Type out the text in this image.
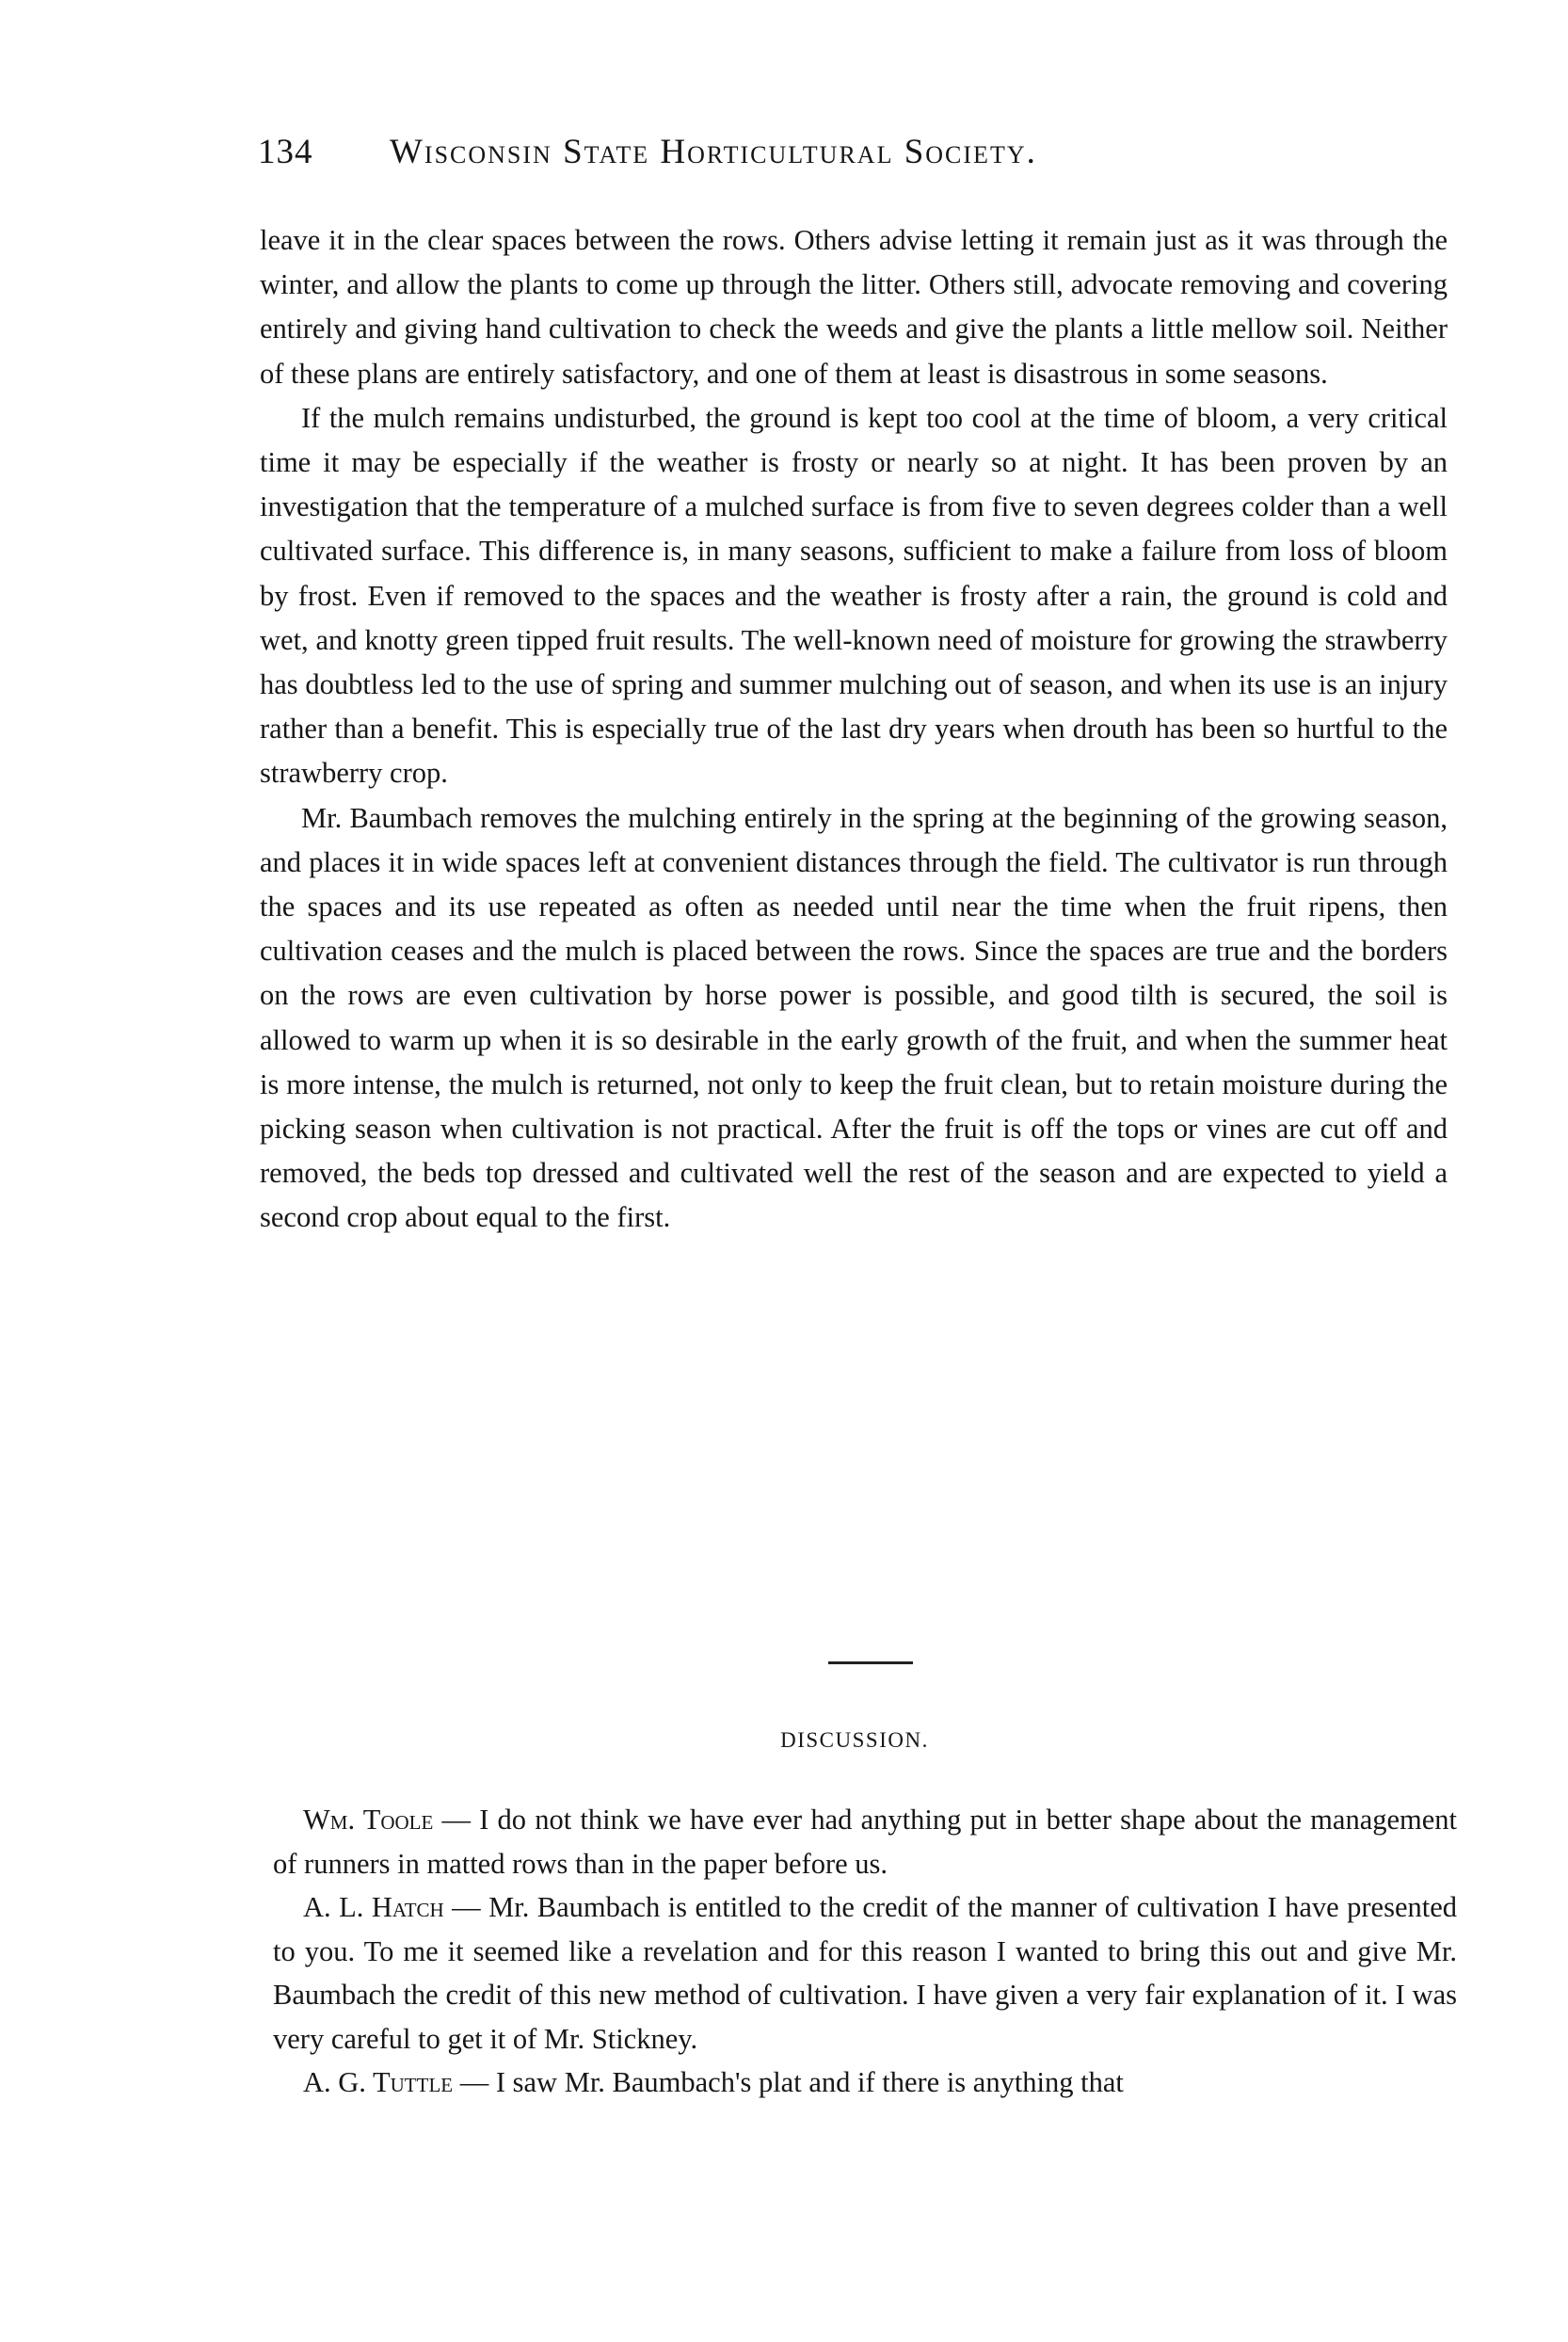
134	Wisconsin State Horticultural Society.

leave it in the clear spaces between the rows. Others advise letting it remain just as it was through the winter, and allow the plants to come up through the litter. Others still, advocate removing and covering entirely and giving hand cultivation to check the weeds and give the plants a little mellow soil. Neither of these plans are entirely satisfactory, and one of them at least is disastrous in some seasons.

If the mulch remains undisturbed, the ground is kept too cool at the time of bloom, a very critical time it may be especially if the weather is frosty or nearly so at night. It has been proven by an investigation that the temperature of a mulched surface is from five to seven degrees colder than a well cultivated surface. This difference is, in many seasons, sufficient to make a failure from loss of bloom by frost. Even if removed to the spaces and the weather is frosty after a rain, the ground is cold and wet, and knotty green tipped fruit results. The well-known need of moisture for growing the strawberry has doubtless led to the use of spring and summer mulching out of season, and when its use is an injury rather than a benefit. This is especially true of the last dry years when drouth has been so hurtful to the strawberry crop.

Mr. Baumbach removes the mulching entirely in the spring at the beginning of the growing season, and places it in wide spaces left at convenient distances through the field. The cultivator is run through the spaces and its use repeated as often as needed until near the time when the fruit ripens, then cultivation ceases and the mulch is placed between the rows. Since the spaces are true and the borders on the rows are even cultivation by horse power is possible, and good tilth is secured, the soil is allowed to warm up when it is so desirable in the early growth of the fruit, and when the summer heat is more intense, the mulch is returned, not only to keep the fruit clean, but to retain moisture during the picking season when cultivation is not practical. After the fruit is off the tops or vines are cut off and removed, the beds top dressed and cultivated well the rest of the season and are expected to yield a second crop about equal to the first.

DISCUSSION.

Wm. Toole — I do not think we have ever had anything put in better shape about the management of runners in matted rows than in the paper before us.

A. L. Hatch — Mr. Baumbach is entitled to the credit of the manner of cultivation I have presented to you. To me it seemed like a revelation and for this reason I wanted to bring this out and give Mr. Baumbach the credit of this new method of cultivation. I have given a very fair explanation of it. I was very careful to get it of Mr. Stickney.

A. G. Tuttle — I saw Mr. Baumbach's plat and if there is anything that
